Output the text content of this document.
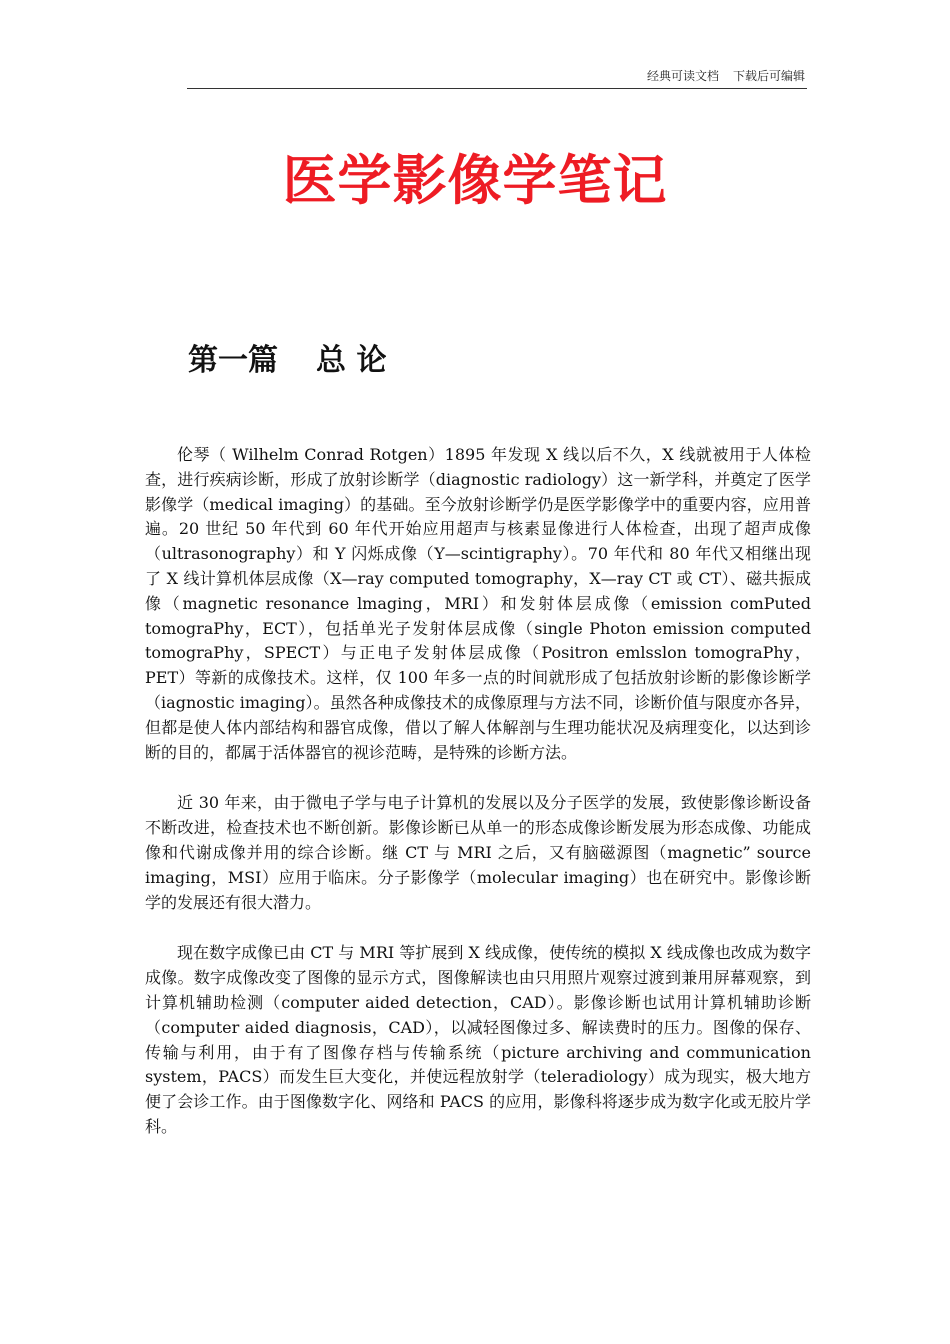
经典可读文档 下载后可编辑
医学影像学笔记
第一篇 总 论

伦琴（ Wilhelm Conrad Rotgen）1895 年发现 X 线以后不久，X 线就被用于人体检查，进行疾病诊断，形成了放射诊断学（diagnostic radiology）这一新学科，并奠定了医学影像学（medical imaging）的基础。至今放射诊断学仍是医学影像学中的重要内容，应用普遍。20 世纪 50 年代到 60 年代开始应用超声与核素显像进行人体检查，出现了超声成像（ultrasonography）和 Y 闪烁成像（Y—scintigraphy）。70 年代和 80 年代又相继出现了 X 线计算机体层成像（X—ray computed tomography，X—ray CT 或 CT）、磁共振成像（magnetic resonance lmaging，MRI）和发射体层成像（emission comPuted tomograPhy，ECT），包括单光子发射体层成像（single Photon emission computed tomograPhy，SPECT）与正电子发射体层成像（Positron emlsslon tomograPhy，PET）等新的成像技术。这样，仅 100 年多一点的时间就形成了包括放射诊断的影像诊断学（iagnostic imaging）。虽然各种成像技术的成像原理与方法不同，诊断价值与限度亦各异，但都是使人体内部结构和器官成像，借以了解人体解剖与生理功能状况及病理变化，以达到诊断的目的，都属于活体器官的视诊范畴，是特殊的诊断方法。

近 30 年来，由于微电子学与电子计算机的发展以及分子医学的发展，致使影像诊断设备不断改进，检查技术也不断创新。影像诊断已从单一的形态成像诊断发展为形态成像、功能成像和代谢成像并用的综合诊断。继 CT 与 MRI 之后，又有脑磁源图（magnetic” source imaging，MSI）应用于临床。分子影像学（molecular imaging）也在研究中。影像诊断学的发展还有很大潜力。

现在数字成像已由 CT 与 MRI 等扩展到 X 线成像，使传统的模拟 X 线成像也改成为数字成像。数字成像改变了图像的显示方式，图像解读也由只用照片观察过渡到兼用屏幕观察，到计算机辅助检测（computer aided detection，CAD）。影像诊断也试用计算机辅助诊断（computer aided diagnosis，CAD），以减轻图像过多、解读费时的压力。图像的保存、传输与利用，由于有了图像存档与传输系统（picture archiving and communication system，PACS）而发生巨大变化，并使远程放射学（teleradiology）成为现实，极大地方便了会诊工作。由于图像数字化、网络和 PACS 的应用，影像科将逐步成为数字化或无胶片学科。
